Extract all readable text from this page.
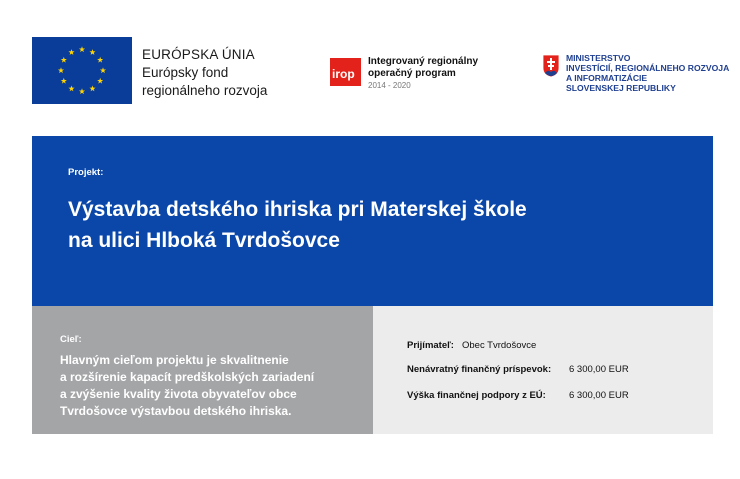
EURÓPSKA ÚNIA
Európsky fond
regionálneho rozvoja
irop
Integrovaný regionálny
operačný program
2014 - 2020
MINISTERSTVO
INVESTÍCIÍ, REGIONÁLNEHO ROZVOJA
A INFORMATIZÁCIE
SLOVENSKEJ REPUBLIKY
Projekt:
Výstavba detského ihriska pri Materskej škole
na ulici Hlboká Tvrdošovce
Cieľ:
Hlavným cieľom projektu je skvalitnenie
a rozšírenie kapacít predškolských zariadení
a zvýšenie kvality života obyvateľov obce
Tvrdošovce výstavbou detského ihriska.
Prijímateľ: Obec Tvrdošovce
Nenávratný finančný príspevok: 6 300,00 EUR
Výška finančnej podpory z EÚ: 6 300,00 EUR
